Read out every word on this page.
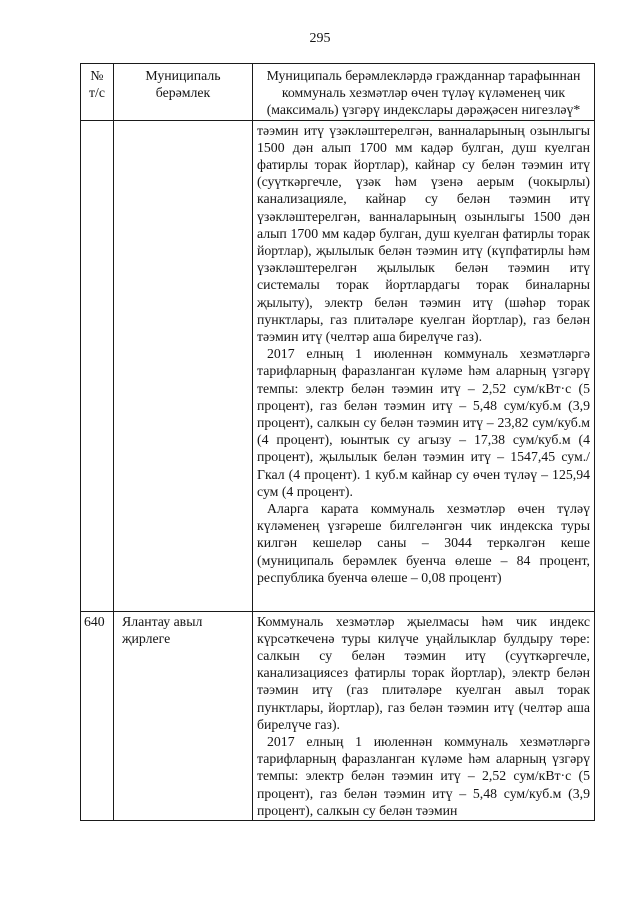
295
№ т/с	Муниципаль берәмлек	Муниципаль берәмлекләрдә гражданнар тарафыннан коммуналь хезмәтләр өчен түләү күләменең чик (максималь) үзгәрү индекслары дәрәҗәсен нигезләү*

		тәэмин итү үзәкләштерелгән, ванналарының озынлыгы 1500 дән алып 1700 мм кадәр булган, душ куелган фатирлы торак йортлар), кайнар су белән тәэмин итү (суүткәргечле, үзәк һәм үзенә аерым (чокырлы) канализацияле, кайнар су белән тәэмин итү үзәкләштерелгән, ванналарының озынлыгы 1500 дән алып 1700 мм кадәр булган, душ куелган фатирлы торак йортлар), җылылык белән тәэмин итү (күпфатирлы һәм үзәкләштерелгән җылылык белән тәэмин итү системалы торак йортлардагы торак биналарны җылыту), электр белән тәэмин итү (шәһәр торак пунктлары, газ плитәләре куелган йортлар), газ белән тәэмин итү (челтәр аша бирелүче газ).

2017 елның 1 июленнән коммуналь хезмәтләргә тарифларның фаразланган күләме һәм аларның үзгәрү темпы: электр белән тәэмин итү – 2,52 сум/кВт·с (5 процент), газ белән тәэмин итү – 5,48 сум/куб.м (3,9 процент), салкын су белән тәэмин итү – 23,82 сум/куб.м (4 процент), юынтык су агызу – 17,38 сум/куб.м (4 процент), җылылык белән тәэмин итү – 1547,45 сум./Гкал (4 процент). 1 куб.м кайнар су өчен түләү – 125,94 сум (4 процент).

Аларга карата коммуналь хезмәтләр өчен түләү күләменең үзгәреше билгеләнгән чик индекска туры килгән кешеләр саны – 3044 теркәлгән кеше (муниципаль берәмлек буенча өлеше – 84 процент, республика буенча өлеше – 0,08 процент)

640	Ялантау авыл җирлеге	Коммуналь хезмәтләр җыелмасы һәм чик индекс күрсәткеченә туры килүче уңайлыклар булдыру төре: салкын су белән тәэмин итү (суүткәргечле, канализациясез фатирлы торак йортлар), электр белән тәэмин итү (газ плитәләре куелган авыл торак пунктлары, йортлар), газ белән тәэмин итү (челтәр аша бирелүче газ).

2017 елның 1 июленнән коммуналь хезмәтләргә тарифларның фаразланган күләме һәм аларның үзгәрү темпы: электр белән тәэмин итү – 2,52 сум/кВт·с (5 процент), газ белән тәэмин итү – 5,48 сум/куб.м (3,9 процент), салкын су белән тәэмин
